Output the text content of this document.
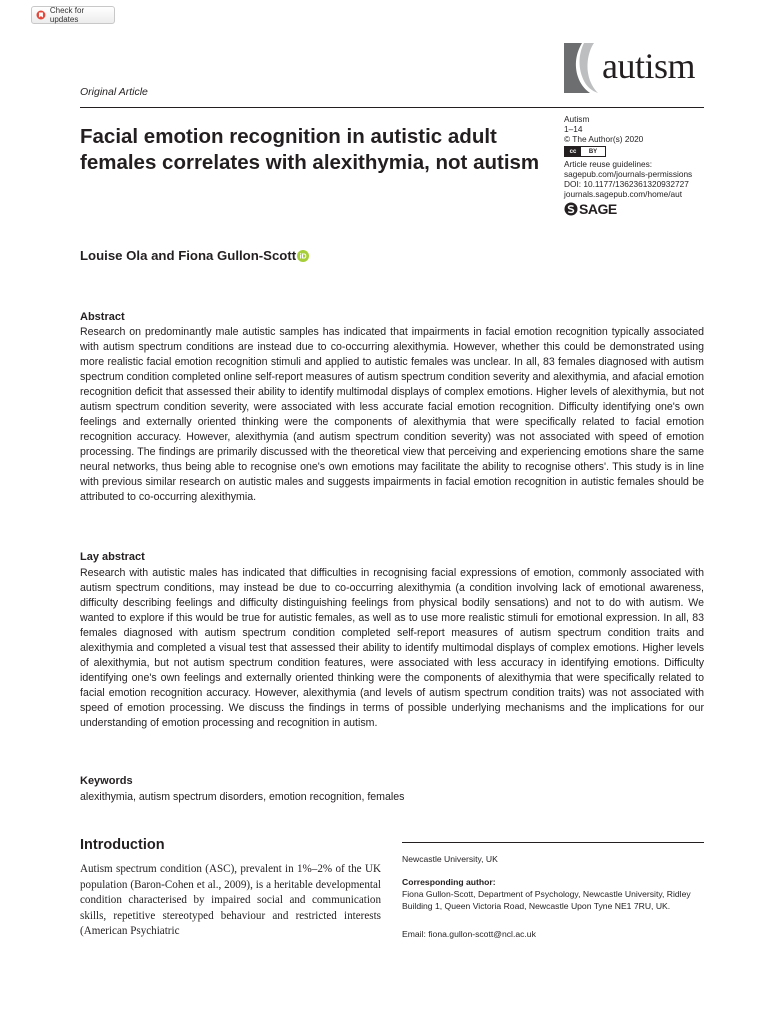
Check for updates
Original Article
autism
Autism
1–14
© The Author(s) 2020
cc	BY
Article reuse guidelines:
sagepub.com/journals-permissions
DOI: 10.1177/1362361320932727
journals.sagepub.com/home/aut
SAGE
Facial emotion recognition in autistic adult females correlates with alexithymia, not autism
Louise Ola and Fiona Gullon-Scott iD
Abstract

Research on predominantly male autistic samples has indicated that impairments in facial emotion recognition typically associated with autism spectrum conditions are instead due to co-occurring alexithymia. However, whether this could be demonstrated using more realistic facial emotion recognition stimuli and applied to autistic females was unclear. In all, 83 females diagnosed with autism spectrum condition completed online self-report measures of autism spectrum condition severity and alexithymia, and afacial emotion recognition deficit that assessed their ability to identify multimodal displays of complex emotions. Higher levels of alexithymia, but not autism spectrum condition severity, were associated with less accurate facial emotion recognition. Difficulty identifying one's own feelings and externally oriented thinking were the components of alexithymia that were specifically related to facial emotion recognition accuracy. However, alexithymia (and autism spectrum condition severity) was not associated with speed of emotion processing. The findings are primarily discussed with the theoretical view that perceiving and experiencing emotions share the same neural networks, thus being able to recognise one's own emotions may facilitate the ability to recognise others'. This study is in line with previous similar research on autistic males and suggests impairments in facial emotion recognition in autistic females should be attributed to co-occurring alexithymia.

Lay abstract

Research with autistic males has indicated that difficulties in recognising facial expressions of emotion, commonly associated with autism spectrum conditions, may instead be due to co-occurring alexithymia (a condition involving lack of emotional awareness, difficulty describing feelings and difficulty distinguishing feelings from physical bodily sensations) and not to do with autism. We wanted to explore if this would be true for autistic females, as well as to use more realistic stimuli for emotional expression. In all, 83 females diagnosed with autism spectrum condition completed self-report measures of autism spectrum condition traits and alexithymia and completed a visual test that assessed their ability to identify multimodal displays of complex emotions. Higher levels of alexithymia, but not autism spectrum condition features, were associated with less accuracy in identifying emotions. Difficulty identifying one's own feelings and externally oriented thinking were the components of alexithymia that were specifically related to facial emotion recognition accuracy. However, alexithymia (and levels of autism spectrum condition traits) was not associated with speed of emotion processing. We discuss the findings in terms of possible underlying mechanisms and the implications for our understanding of emotion processing and recognition in autism.

Keywords
alexithymia, autism spectrum disorders, emotion recognition, females
Introduction

Autism spectrum condition (ASC), prevalent in 1%–2% of the UK population (Baron-Cohen et al., 2009), is a heritable developmental condition characterised by impaired social and communication skills, repetitive stereotyped behaviour and restricted interests (American Psychiatric

Newcastle University, UK
Corresponding author:
Fiona Gullon-Scott, Department of Psychology, Newcastle University, Ridley Building 1, Queen Victoria Road, Newcastle Upon Tyne NE1 7RU, UK.
Email: fiona.gullon-scott@ncl.ac.uk
